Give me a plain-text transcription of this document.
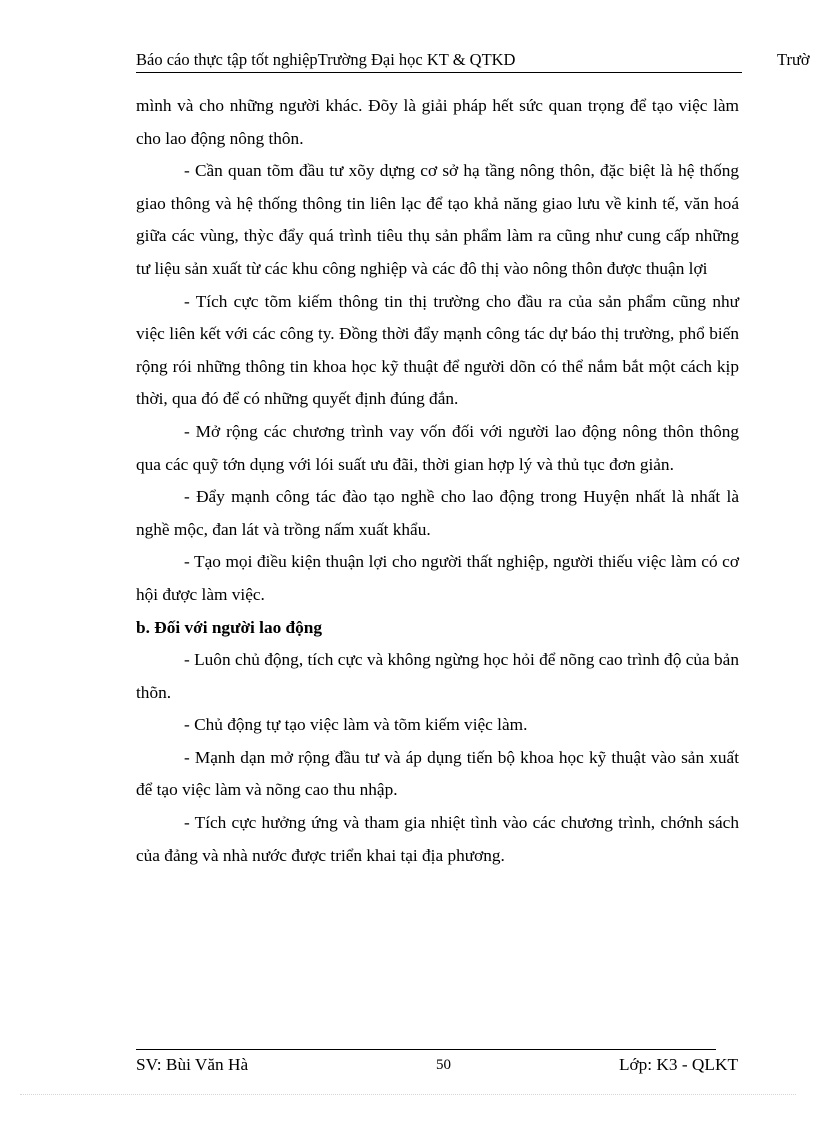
Báo cáo thực tập tốt nghiệpTrường Đại học KT & QTKD	Trườ

mình và cho những người khác. Đõy là giải pháp hết sức quan trọng để tạo việc làm cho lao động nông thôn.

- Cần quan tõm đầu tư xõy dựng cơ sở hạ tầng nông thôn, đặc biệt là hệ thống giao thông và hệ thống thông tin liên lạc để tạo khả năng giao lưu về kinh tế, văn hoá giữa các vùng, thỳc đẩy quá trình tiêu thụ sản phẩm làm ra cũng như cung cấp những tư liệu sản xuất từ các khu công nghiệp và các đô thị vào nông thôn được thuận lợi

- Tích cực tõm kiếm thông tin thị trường cho đầu ra của sản phẩm cũng như việc liên kết với các công ty. Đồng thời đẩy mạnh công tác dự báo thị trường, phổ biến rộng rói những thông tin khoa học kỹ thuật để người dõn có thể nắm bắt một cách kịp thời, qua đó để có những quyết định đúng đắn.

- Mở rộng các chương trình vay vốn đối với người lao động nông thôn thông qua các quỹ tớn dụng với lói suất ưu đãi, thời gian hợp lý và thủ tục đơn giản.

- Đẩy mạnh công tác đào tạo nghề cho lao động trong Huyện nhất là nhất là nghề mộc, đan lát và trồng nấm xuất khẩu.

- Tạo mọi điều kiện thuận lợi cho người thất nghiệp, người thiếu việc làm có cơ hội được làm việc.

b. Đối với người lao động

- Luôn chủ động, tích cực và không ngừng học hỏi để nõng cao trình độ của bản thõn.

- Chủ động tự tạo việc làm và tõm kiếm việc làm.

- Mạnh dạn mở rộng đầu tư và áp dụng tiến bộ khoa học kỹ thuật vào sản xuất để tạo việc làm và nõng cao thu nhập.

- Tích cực hưởng ứng và tham gia nhiệt tình vào các chương trình, chớnh sách của đảng và nhà nước được triển khai tại địa phương.

SV: Bùi Văn Hà	50	Lớp: K3 - QLKT
